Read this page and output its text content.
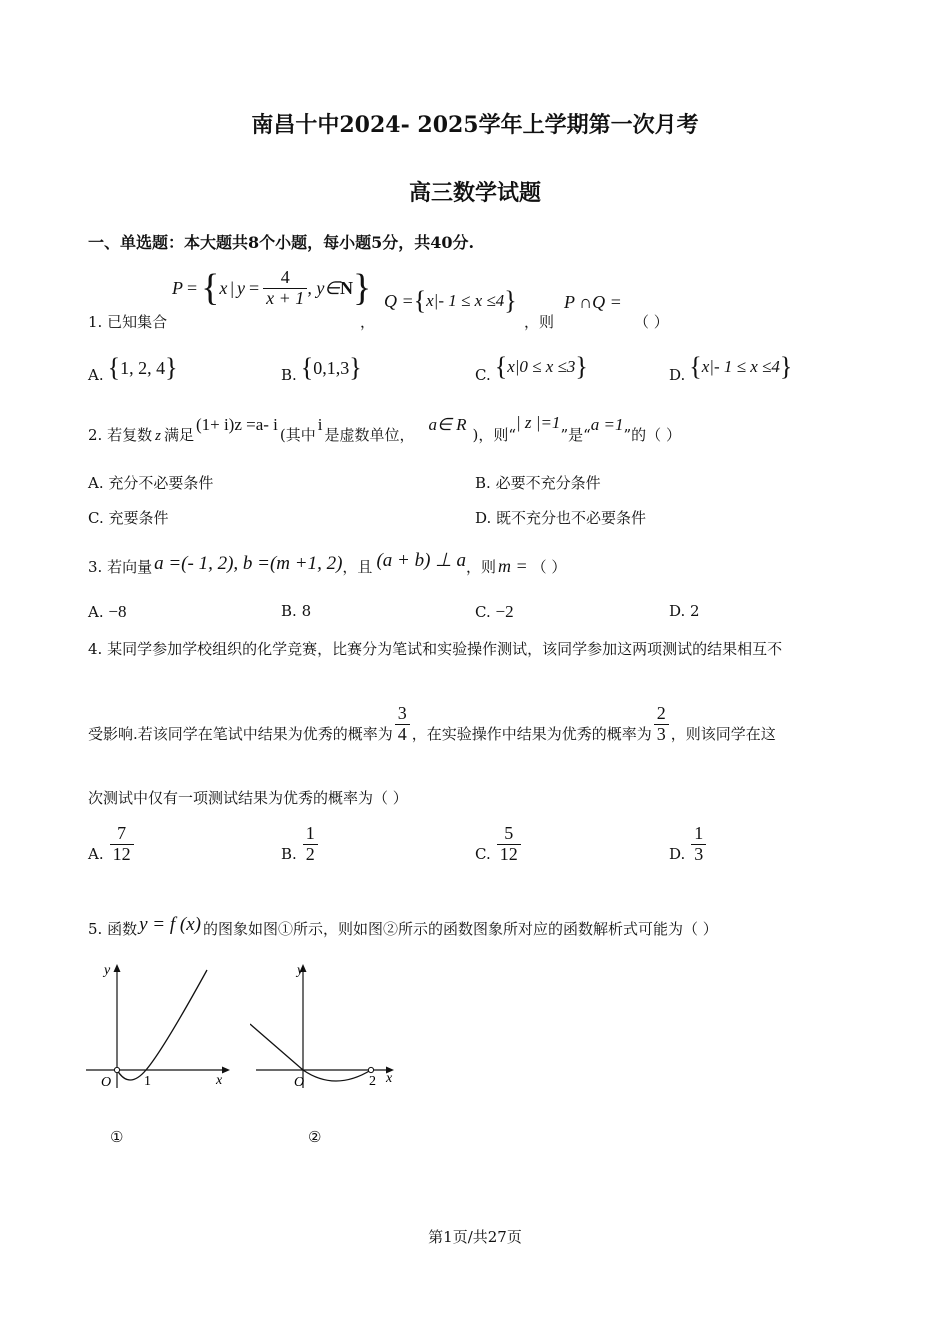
南昌十中2024- 2025学年上学期第一次月考
高三数学试题
一、单选题：本大题共8个小题，每小题5分，共40分.
1. 已知集合
P = { x | $y = \frac{4}{x + 1}$ , y∈ N }
，
Q = { x|- 1 ≤ x ≤4 }
，则
P ∩Q =
（ ）
A. { 1, 2, 4 }	B. { 0,1,3 }	C. { x|0 ≤ x ≤3 }	D. { x|- 1 ≤ x ≤4 }
2. 若复数 z 满足
(1+ i)z =a- i
(其中
i
是虚数单位，
a∈ R
)，则“
| z |=1
”是“
a =1
”的（ ）
A. 充分不必要条件	B. 必要不充分条件
C. 充要条件	D. 既不充分也不必要条件
3. 若向量 a =(- 1, 2), b =(m +1, 2) ，且 (a + b) ⊥ a ，则 m = （ ）
A. −8	B. 8	C. −2	D. 2
4. 某同学参加学校组织的化学竞赛，比赛分为笔试和实验操作测试，该同学参加这两项测试的结果相互不
受影响.若该同学在笔试中结果为优秀的概率为 $\frac{3}{4}$ ，在实验操作中结果为优秀的概率为 $\frac{2}{3}$ ，则该同学在这
次测试中仅有一项测试结果为优秀的概率为（ ）
A. $\frac{7}{12}$	B. $\frac{1}{2}$	C. $\frac{5}{12}$	D. $\frac{1}{3}$
5. 函数 y = f (x) 的图象如图①所示，则如图②所示的函数图象所对应的函数解析式可能为（ ）
y
x
O 1
①
y
x
O	2
②
第1页/共27页
